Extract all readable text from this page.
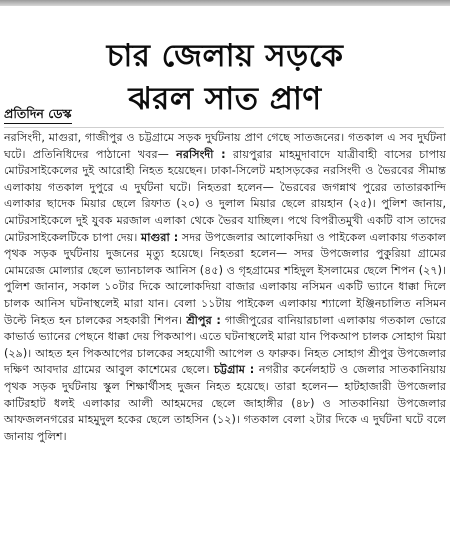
চার জেলায় সড়কে
ঝরল সাত প্রাণ
প্রতিদিন ডেস্ক

নরসিংদী, মাগুরা, গাজীপুর ও চট্টগ্রামে সড়ক দুর্ঘটনায় প্রাণ গেছে সাতজনের। গতকাল এ সব দুর্ঘটনা ঘটে। প্রতিনিধিদের পাঠানো খবর— নরসিংদী : রায়পুরার মাহমুদাবাদে যাত্রীবাহী বাসের চাপায় মোটরসাইকেলের দুই আরোহী নিহত হয়েছেন। ঢাকা-সিলেট মহাসড়কের নরসিংদী ও ভৈরবের সীমান্ত এলাকায় গতকাল দুপুরে এ দুর্ঘটনা ঘটে। নিহতরা হলেন— ভৈরবের জগন্নাথ পুরের তাতারকান্দি এলাকার ছাদেক মিয়ার ছেলে রিফাত (২০) ও দুলাল মিয়ার ছেলে রায়হান (২৫)। পুলিশ জানায়, মোটরসাইকেলে দুই যুবক মরজাল এলাকা থেকে ভৈরব যাচ্ছিল। পথে বিপরীতমুখী একটি বাস তাদের মোটরসাইকেলটিকে চাপা দেয়। মাগুরা : সদর উপজেলার আলোকদিয়া ও পাইকেল এলাকায় গতকাল পৃথক সড়ক দুর্ঘটনায় দুজনের মৃত্যু হয়েছে। নিহতরা হলেন— সদর উপজেলার পুকুরিয়া গ্রামের মোমরেজ মোল্যার ছেলে ভ্যানচালক আনিস (৪৫) ও গৃহগ্রামের শহিদুল ইসলামের ছেলে শিপন (২৭)। পুলিশ জানান, সকাল ১০টার দিকে আলোকদিয়া বাজার এলাকায় নসিমন একটি ভ্যানে ধাক্কা দিলে চালক আনিস ঘটনাস্থলেই মারা যান। বেলা ১১টায় পাইকেল এলাকায় শ্যালো ইঞ্জিনচালিত নসিমন উল্টে নিহত হন চালকের সহকারী শিপন। শ্রীপুর : গাজীপুরের বানিয়ারচালা এলাকায় গতকাল ভোরে কাভার্ড ভ্যানের পেছনে ধাক্কা দেয় পিকআপ। এতে ঘটনাস্থলেই মারা যান পিকআপ চালক সোহাগ মিয়া (২৯)। আহত হন পিকআপের চালকের সহযোগী আপেল ও ফারুক। নিহত সোহাগ শ্রীপুর উপজেলার দক্ষিণ আবদার গ্রামের আবুল কাশেমের ছেলে। চট্টগ্রাম : নগরীর কর্নেলহাট ও জেলার সাতকানিয়ায় পৃথক সড়ক দুর্ঘটনায় স্কুল শিক্ষার্থীসহ দুজন নিহত হয়েছে। তারা হলেন— হাটহাজারী উপজেলার কাটিরহাট ধলই এলাকার আলী আহমদের ছেলে জাহাঙ্গীর (৪৮) ও সাতকানিয়া উপজেলার আফজলনগরের মাহমুদুল হকের ছেলে তাহসিন (১২)। গতকাল বেলা ২টার দিকে এ দুর্ঘটনা ঘটে বলে জানায় পুলিশ।
